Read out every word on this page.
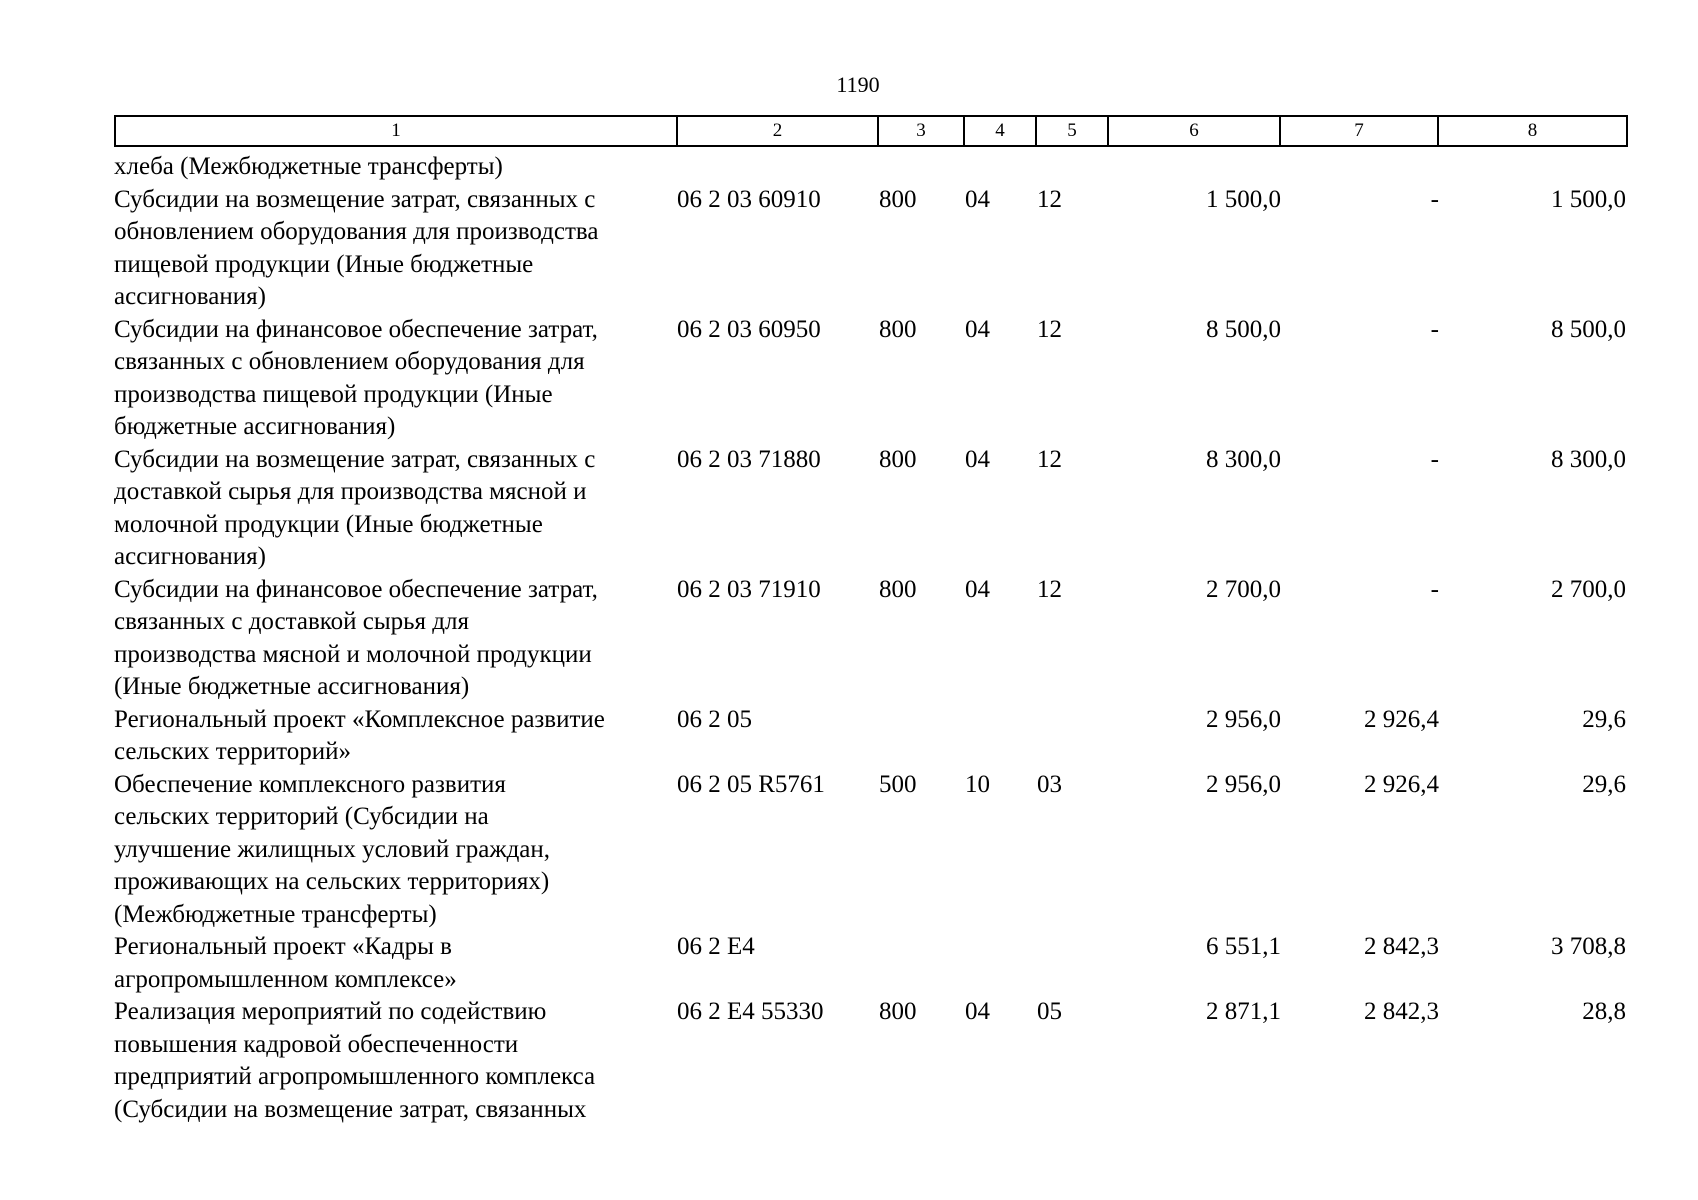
1190
1	2	3	4	5	6	7	8
хлеба (Межбюджетные трансферты)							

Субсидии на возмещение затрат, связанных с
обновлением оборудования для производства
пищевой продукции (Иные бюджетные
ассигнования)	06 2 03 60910	800	04	12	1 500,0	-	1 500,0

Субсидии на финансовое обеспечение затрат,
связанных с обновлением оборудования для
производства пищевой продукции (Иные
бюджетные ассигнования)	06 2 03 60950	800	04	12	8 500,0	-	8 500,0

Субсидии на возмещение затрат, связанных с
доставкой сырья для производства мясной и
молочной продукции (Иные бюджетные
ассигнования)	06 2 03 71880	800	04	12	8 300,0	-	8 300,0

Субсидии на финансовое обеспечение затрат,
связанных с доставкой сырья для
производства мясной и молочной продукции
(Иные бюджетные ассигнования)	06 2 03 71910	800	04	12	2 700,0	-	2 700,0

Региональный проект «Комплексное развитие
сельских территорий»	06 2 05				2 956,0	2 926,4	29,6

Обеспечение комплексного развития
сельских территорий (Субсидии на
улучшение жилищных условий граждан,
проживающих на сельских территориях)
(Межбюджетные трансферты)	06 2 05 R5761	500	10	03	2 956,0	2 926,4	29,6

Региональный проект «Кадры в
агропромышленном комплексе»	06 2 E4				6 551,1	2 842,3	3 708,8

Реализация мероприятий по содействию
повышения кадровой обеспеченности
предприятий агропромышленного комплекса
(Субсидии на возмещение затрат, связанных	06 2 E4 55330	800	04	05	2 871,1	2 842,3	28,8
